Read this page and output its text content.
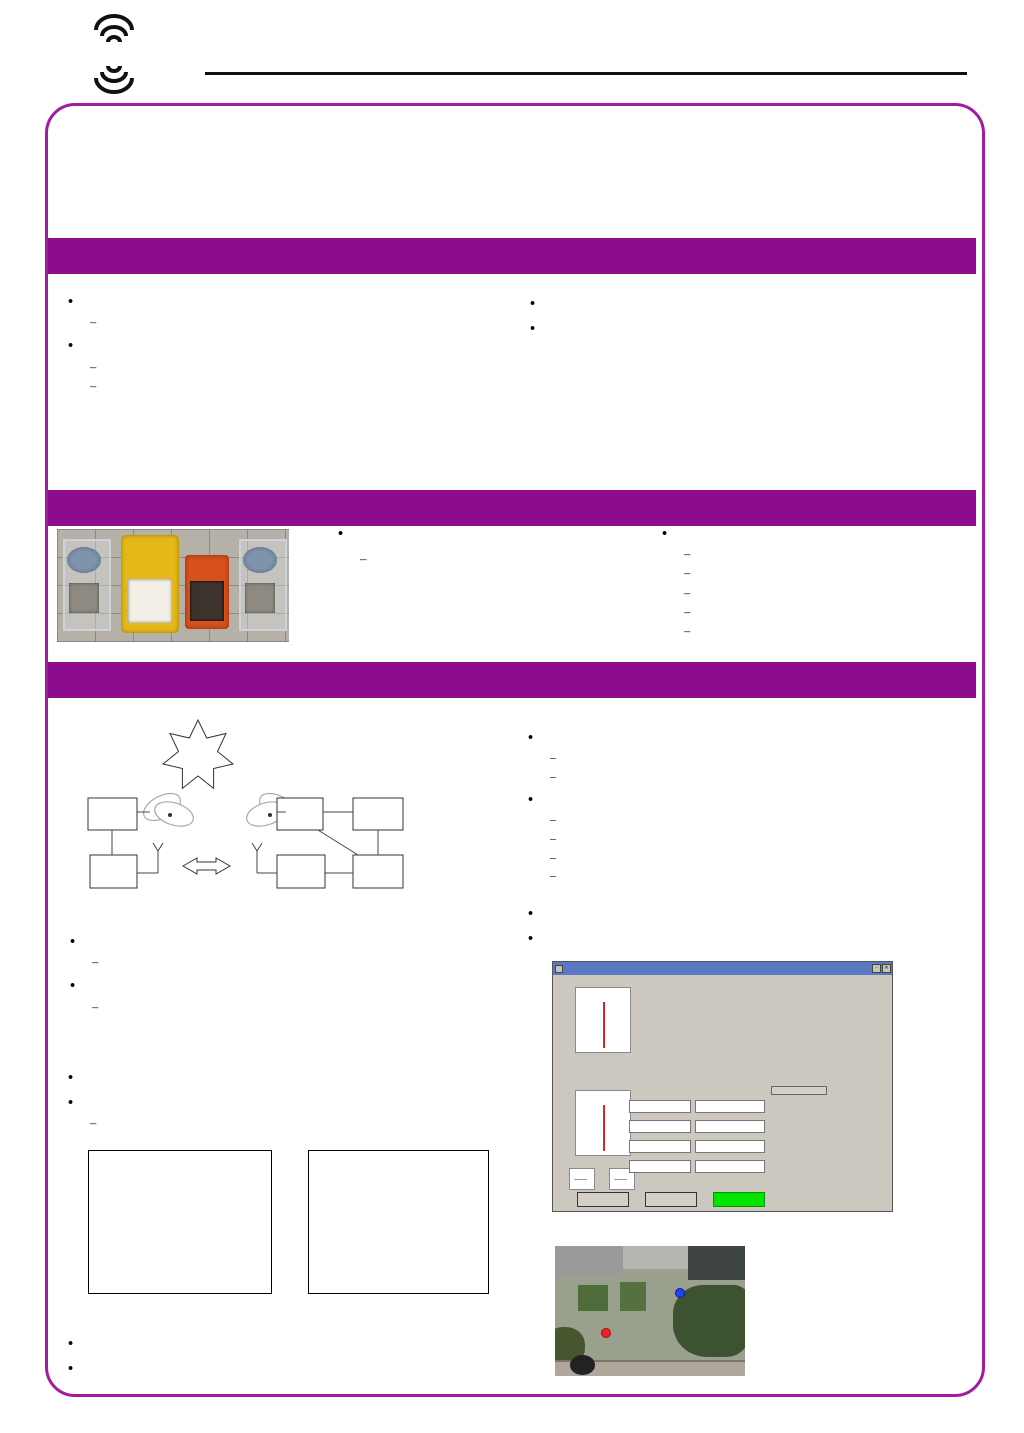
•
–
•
–
–
•
•
•
–
•
–
–
–
–
–
•
–
•
–
•
•
–
•
•
•
–
–
•
–
–
–
–
•
•
▫	✕
